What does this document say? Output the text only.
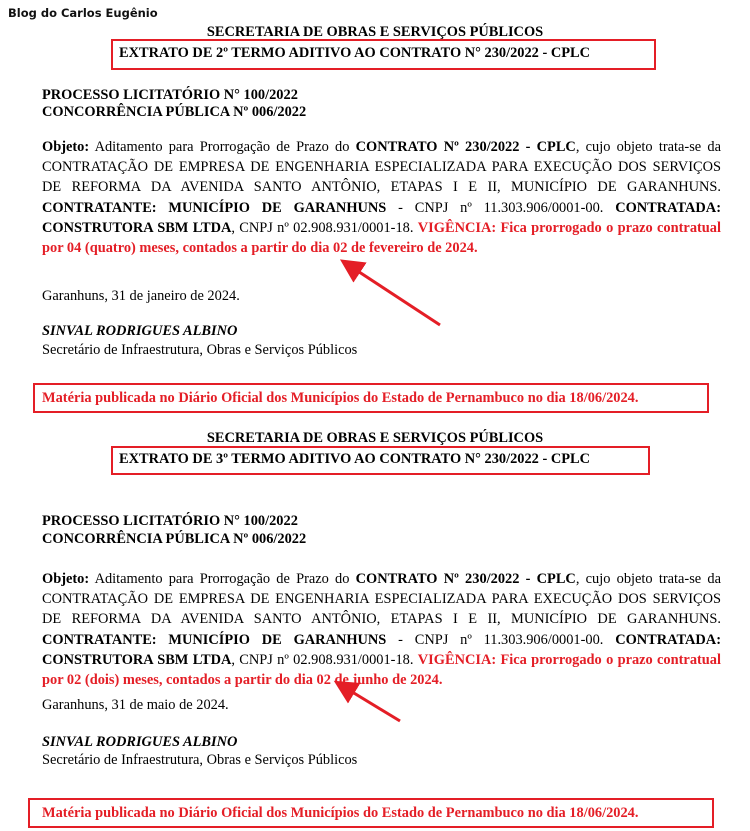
Blog do Carlos Eugênio
SECRETARIA DE OBRAS E SERVIÇOS PÚBLICOS
EXTRATO DE 2º TERMO ADITIVO AO CONTRATO N° 230/2022 - CPLC
PROCESSO LICITATÓRIO N° 100/2022
CONCORRÊNCIA PÚBLICA Nº 006/2022
Objeto: Aditamento para Prorrogação de Prazo do CONTRATO Nº 230/2022 - CPLC, cujo objeto trata-se da CONTRATAÇÃO DE EMPRESA DE ENGENHARIA ESPECIALIZADA PARA EXECUÇÃO DOS SERVIÇOS DE REFORMA DA AVENIDA SANTO ANTÔNIO, ETAPAS I E II, MUNICÍPIO DE GARANHUNS. CONTRATANTE: MUNICÍPIO DE GARANHUNS - CNPJ nº 11.303.906/0001-00. CONTRATADA: CONSTRUTORA SBM LTDA, CNPJ nº 02.908.931/0001-18. VIGÊNCIA: Fica prorrogado o prazo contratual por 04 (quatro) meses, contados a partir do dia 02 de fevereiro de 2024.
Garanhuns, 31 de janeiro de 2024.
SINVAL RODRIGUES ALBINO
Secretário de Infraestrutura, Obras e Serviços Públicos
Matéria publicada no Diário Oficial dos Municípios do Estado de Pernambuco no dia 18/06/2024.
SECRETARIA DE OBRAS E SERVIÇOS PÚBLICOS
EXTRATO DE 3º TERMO ADITIVO AO CONTRATO N° 230/2022 - CPLC
PROCESSO LICITATÓRIO N° 100/2022
CONCORRÊNCIA PÚBLICA Nº 006/2022
Objeto: Aditamento para Prorrogação de Prazo do CONTRATO Nº 230/2022 - CPLC, cujo objeto trata-se da CONTRATAÇÃO DE EMPRESA DE ENGENHARIA ESPECIALIZADA PARA EXECUÇÃO DOS SERVIÇOS DE REFORMA DA AVENIDA SANTO ANTÔNIO, ETAPAS I E II, MUNICÍPIO DE GARANHUNS. CONTRATANTE: MUNICÍPIO DE GARANHUNS - CNPJ nº 11.303.906/0001-00. CONTRATADA: CONSTRUTORA SBM LTDA, CNPJ nº 02.908.931/0001-18. VIGÊNCIA: Fica prorrogado o prazo contratual por 02 (dois) meses, contados a partir do dia 02 de junho de 2024.
Garanhuns, 31 de maio de 2024.
SINVAL RODRIGUES ALBINO
Secretário de Infraestrutura, Obras e Serviços Públicos
Matéria publicada no Diário Oficial dos Municípios do Estado de Pernambuco no dia 18/06/2024.
